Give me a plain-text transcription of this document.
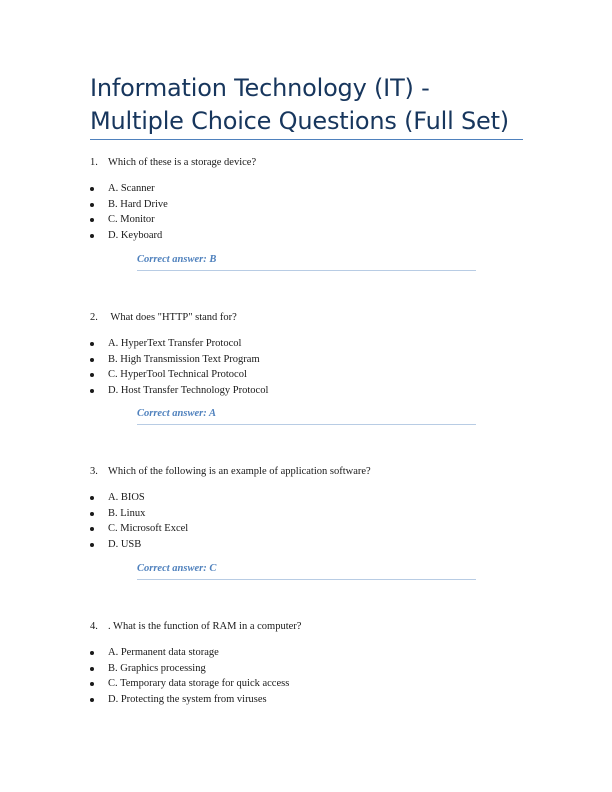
Information Technology (IT) - Multiple Choice Questions (Full Set)
1. Which of these is a storage device?
A. Scanner
B. Hard Drive
C. Monitor
D. Keyboard
Correct answer: B
2. What does "HTTP" stand for?
A. HyperText Transfer Protocol
B. High Transmission Text Program
C. HyperTool Technical Protocol
D. Host Transfer Technology Protocol
Correct answer: A
3. Which of the following is an example of application software?
A. BIOS
B. Linux
C. Microsoft Excel
D. USB
Correct answer: C
4. . What is the function of RAM in a computer?
A. Permanent data storage
B. Graphics processing
C. Temporary data storage for quick access
D. Protecting the system from viruses
